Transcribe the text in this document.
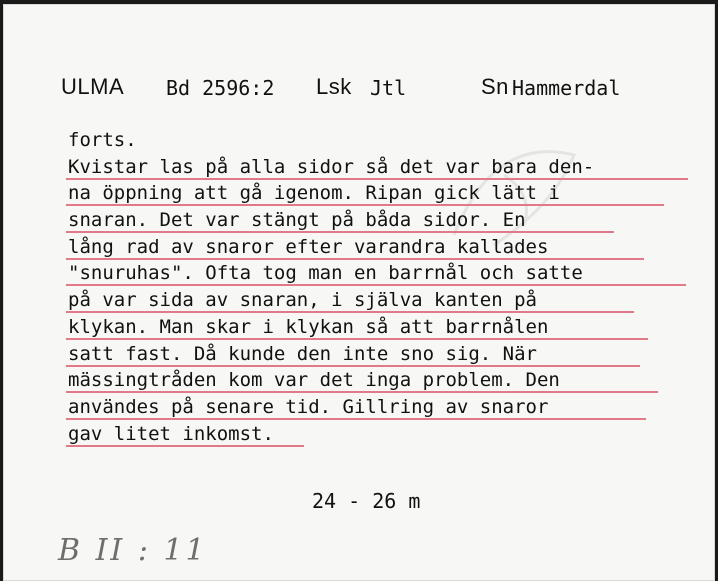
ULMA Bd 2596:2 Lsk Jtl	Sn Hammerdal
forts.
Kvistar las på alla sidor så det var bara den-
na öppning att gå igenom. Ripan gick lätt i
snaran. Det var stängt på båda sidor. En
lång rad av snaror efter varandra kallades
"snuruhas". Ofta tog man en barrnål och satte
på var sida av snaran, i själva kanten på
klykan. Man skar i klykan så att barrnålen
satt fast. Då kunde den inte sno sig. När
mässingtråden kom var det inga problem. Den
användes på senare tid. Gillring av snaror
gav litet inkomst.
24 - 26 m
B II : 11
